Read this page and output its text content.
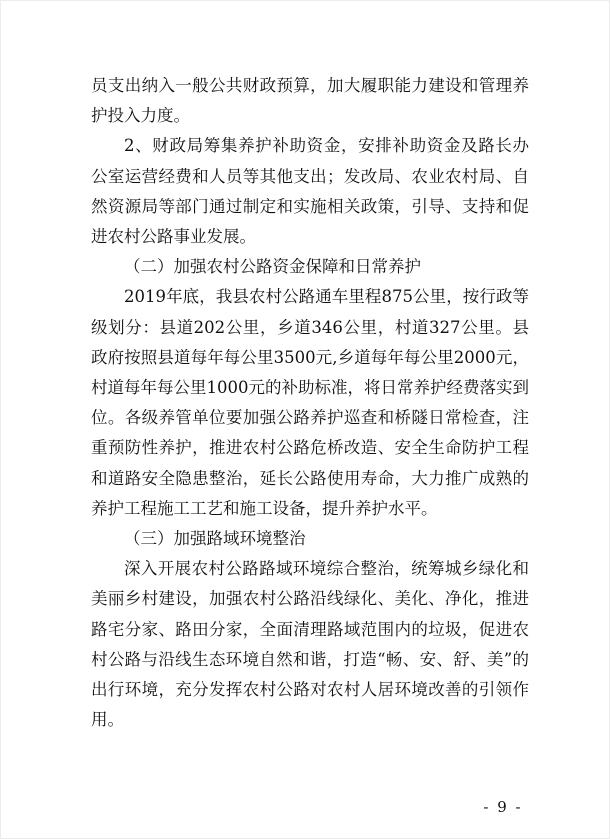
员支出纳入一般公共财政预算，加大履职能力建设和管理养护投入力度。

2、财政局筹集养护补助资金，安排补助资金及路长办公室运营经费和人员等其他支出；发改局、农业农村局、自然资源局等部门通过制定和实施相关政策，引导、支持和促进农村公路事业发展。

（二）加强农村公路资金保障和日常养护

2019年底，我县农村公路通车里程875公里，按行政等级划分：县道202公里，乡道346公里，村道327公里。县政府按照县道每年每公里3500元,乡道每年每公里2000元，村道每年每公里1000元的补助标准，将日常养护经费落实到位。各级养管单位要加强公路养护巡查和桥隧日常检查，注重预防性养护，推进农村公路危桥改造、安全生命防护工程和道路安全隐患整治，延长公路使用寿命，大力推广成熟的养护工程施工工艺和施工设备，提升养护水平。

（三）加强路域环境整治

深入开展农村公路路域环境综合整治，统筹城乡绿化和美丽乡村建设，加强农村公路沿线绿化、美化、净化，推进路宅分家、路田分家，全面清理路域范围内的垃圾，促进农村公路与沿线生态环境自然和谐，打造“畅、安、舒、美”的出行环境，充分发挥农村公路对农村人居环境改善的引领作用。

- 9 -
